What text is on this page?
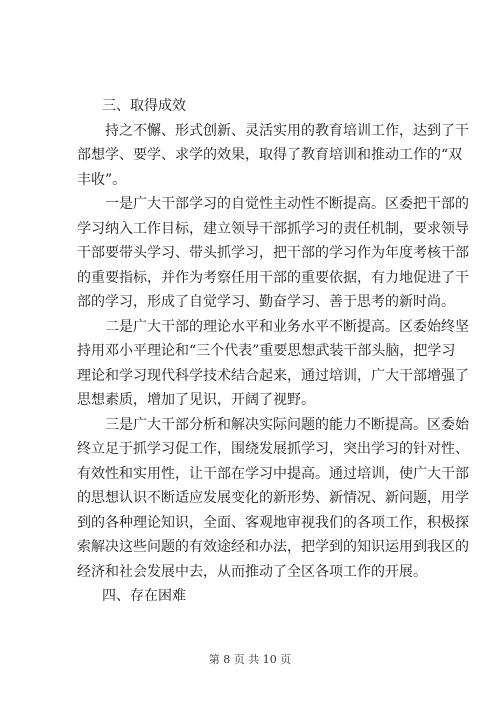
三、取得成效
持之不懈、形式创新、灵活实用的教育培训工作，达到了干
部想学、要学、求学的效果，取得了教育培训和推动工作的“双
丰收”。
一是广大干部学习的自觉性主动性不断提高。区委把干部的
学习纳入工作目标，建立领导干部抓学习的责任机制，要求领导
干部要带头学习、带头抓学习，把干部的学习作为年度考核干部
的重要指标，并作为考察任用干部的重要依据，有力地促进了干
部的学习，形成了自觉学习、勤奋学习、善于思考的新时尚。
二是广大干部的理论水平和业务水平不断提高。区委始终坚
持用邓小平理论和“三个代表”重要思想武装干部头脑，把学习
理论和学习现代科学技术结合起来，通过培训，广大干部增强了
思想素质，增加了见识，开阔了视野。
三是广大干部分析和解决实际问题的能力不断提高。区委始
终立足于抓学习促工作，围绕发展抓学习，突出学习的针对性、
有效性和实用性，让干部在学习中提高。通过培训，使广大干部
的思想认识不断适应发展变化的新形势、新情况、新问题，用学
到的各种理论知识，全面、客观地审视我们的各项工作，积极探
索解决这些问题的有效途经和办法，把学到的知识运用到我区的
经济和社会发展中去，从而推动了全区各项工作的开展。
四、存在困难
第 8 页 共 10 页
